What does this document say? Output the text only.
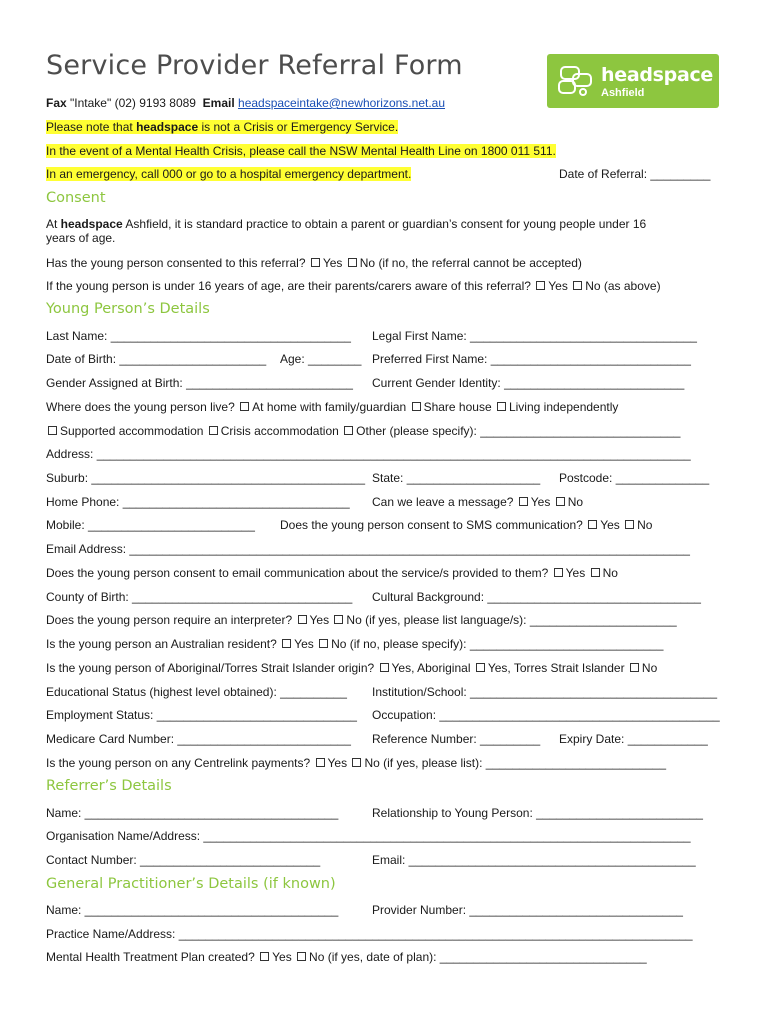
Service Provider Referral Form	headspace
Ashfield
Fax "Intake" (02) 9193 8089 Email headspaceintake@newhorizons.net.au
Please note that headspace is not a Crisis or Emergency Service.
In the event of a Mental Health Crisis, please call the NSW Mental Health Line on 1800 011 511.
In an emergency, call 000 or go to a hospital emergency department.	Date of Referral: _________
Consent
At headspace Ashfield, it is standard practice to obtain a parent or guardian’s consent for young people under 16
years of age.
Has the young person consented to this referral? Yes No (if no, the referral cannot be accepted)
If the young person is under 16 years of age, are their parents/carers aware of this referral? Yes No (as above)
Young Person’s Details
Last Name: ____________________________________ Legal First Name: __________________________________
Date of Birth: ______________________ Age: ________ Preferred First Name: ______________________________
Gender Assigned at Birth: _________________________ Current Gender Identity: ___________________________
Where does the young person live? At home with family/guardian Share house Living independently
Supported accommodation Crisis accommodation Other (please specify): ______________________________
Address: _________________________________________________________________________________________
Suburb: _________________________________________ State: ____________________ Postcode: ______________
Home Phone: __________________________________ Can we leave a message? Yes No
Mobile: _________________________ Does the young person consent to SMS communication? Yes No
Email Address: ____________________________________________________________________________________
Does the young person consent to email communication about the service/s provided to them? Yes No
County of Birth: _________________________________ Cultural Background: ________________________________
Does the young person require an interpreter? Yes No (if yes, please list language/s): ______________________
Is the young person an Australian resident? Yes No (if no, please specify): _____________________________
Is the young person of Aboriginal/Torres Strait Islander origin? Yes, Aboriginal Yes, Torres Strait Islander No
Educational Status (highest level obtained): __________ Institution/School: _____________________________________
Employment Status: ______________________________ Occupation: __________________________________________
Medicare Card Number: __________________________ Reference Number: _________ Expiry Date: ____________
Is the young person on any Centrelink payments? Yes No (if yes, please list): ___________________________
Referrer’s Details
Name: ______________________________________	Relationship to Young Person: _________________________
Organisation Name/Address: _________________________________________________________________________
Contact Number: ___________________________	Email: ___________________________________________
General Practitioner’s Details (if known)
Name: ______________________________________	Provider Number: ________________________________
Practice Name/Address: _____________________________________________________________________________
Mental Health Treatment Plan created? Yes No (if yes, date of plan): _______________________________
